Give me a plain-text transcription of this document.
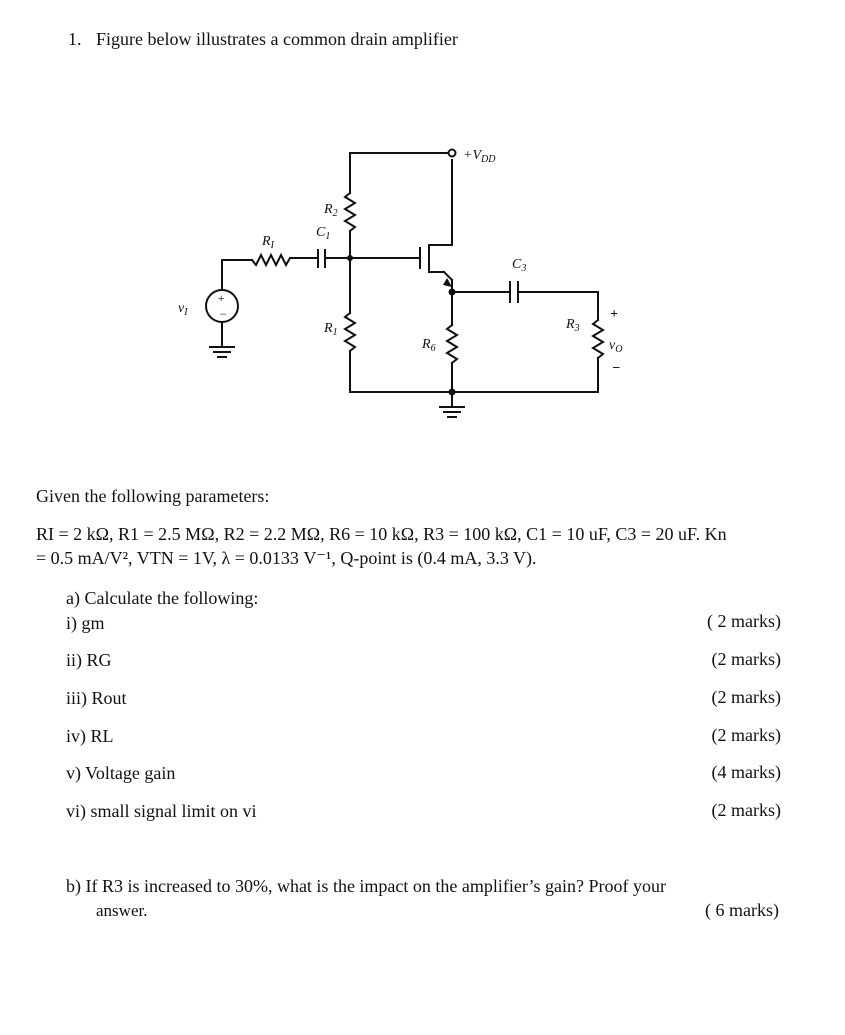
1. Figure below illustrates a common drain amplifier
+
−
$+V_{DD}$
$R_2$
$C_1$
$R_I$
$R_1$
$R_6$
$C_3$
$R_3$
$v_I$
$v_O$
+
−
Given the following parameters:
RI = 2 kΩ, R1 = 2.5 MΩ, R2 = 2.2 MΩ, R6 = 10 kΩ, R3 = 100 kΩ, C1 = 10 uF, C3 = 20 uF. Kn
= 0.5 mA/V², VTN = 1V, λ = 0.0133 V⁻¹, Q-point is (0.4 mA, 3.3 V).
a) Calculate the following:
i) gm	( 2 marks)
ii) RG	(2 marks)
iii) Rout	(2 marks)
iv) RL	(2 marks)
v) Voltage gain	(4 marks)
vi) small signal limit on vi	(2 marks)
b) If R3 is increased to 30%, what is the impact on the amplifier’s gain? Proof your
answer.	( 6 marks)
